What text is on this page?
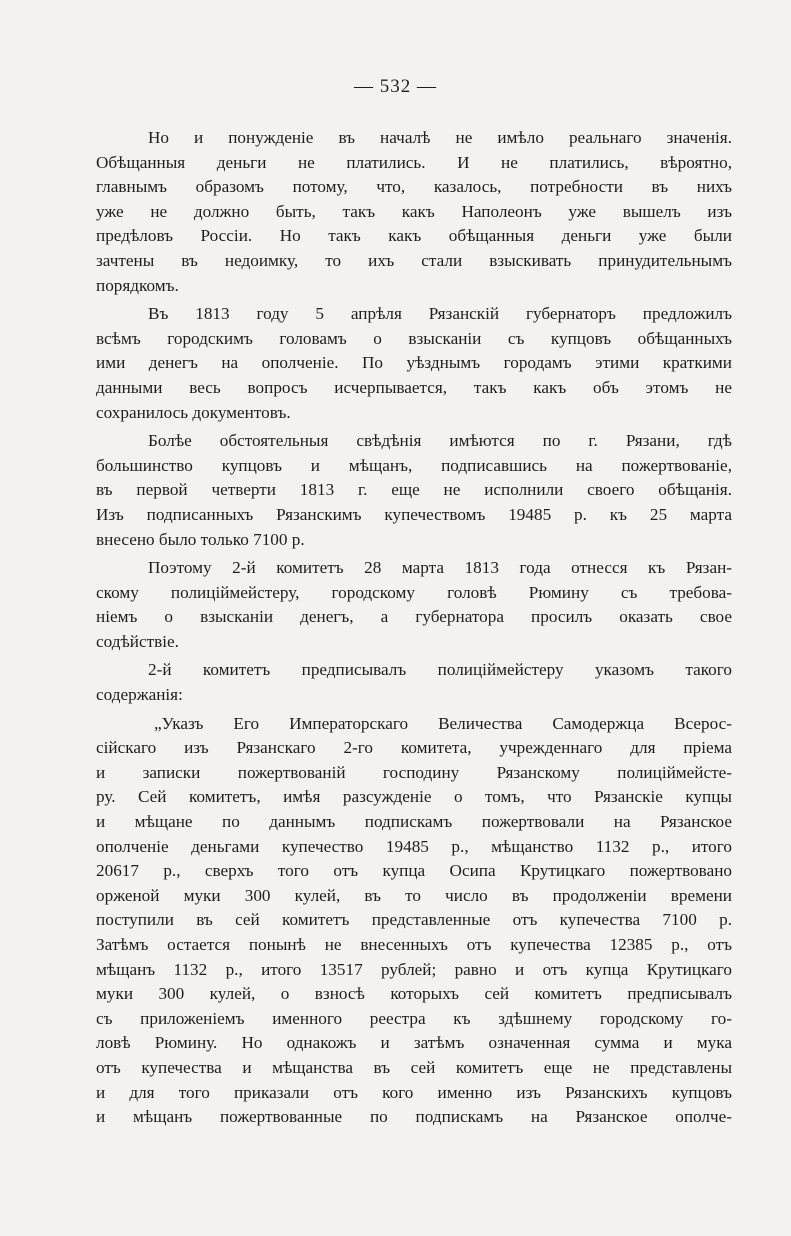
— 532 —
Но и понужденіе въ началѣ не имѣло реальнаго значенія.
Обѣщанныя деньги не платились. И не платились, вѣроятно,
главнымъ образомъ потому, что, казалось, потребности въ нихъ
уже не должно быть, такъ какъ Наполеонъ уже вышелъ изъ
предѣловъ Россіи. Но такъ какъ обѣщанныя деньги уже были
зачтены въ недоимку, то ихъ стали взыскивать принудительнымъ
порядкомъ.
Въ 1813 году 5 апрѣля Рязанскій губернаторъ предложилъ
всѣмъ городскимъ головамъ о взысканіи съ купцовъ обѣщанныхъ
ими денегъ на ополченіе. По уѣзднымъ городамъ этими краткими
данными весь вопросъ исчерпывается, такъ какъ объ этомъ не
сохранилось документовъ.
Болѣе обстоятельныя свѣдѣнія имѣются по г. Рязани, гдѣ
большинство купцовъ и мѣщанъ, подписавшись на пожертвованіе,
въ первой четверти 1813 г. еще не исполнили своего обѣщанія.
Изъ подписанныхъ Рязанскимъ купечествомъ 19485 р. къ 25 марта
внесено было только 7100 р.
Поэтому 2-й комитетъ 28 марта 1813 года отнесся къ Рязан-
скому полиціймейстеру, городскому головѣ Рюмину съ требова-
ніемъ о взысканіи денегъ, а губернатора просилъ оказать свое
содѣйствіе.
2-й комитетъ предписывалъ полиціймейстеру указомъ такого
содержанія:
„Указъ Его Императорскаго Величества Самодержца Всерос-
сійскаго изъ Рязанскаго 2-го комитета, учрежденнаго для пріема
и записки пожертвованій господину Рязанскому полиціймейсте-
ру. Сей комитетъ, имѣя разсужденіе о томъ, что Рязанскіе купцы
и мѣщане по даннымъ подпискамъ пожертвовали на Рязанское
ополченіе деньгами купечество 19485 р., мѣщанство 1132 р., итого
20617 р., сверхъ того отъ купца Осипа Крутицкаго пожертвовано
орженой муки 300 кулей, въ то число въ продолженіи времени
поступили въ сей комитетъ представленные отъ купечества 7100 р.
Затѣмъ остается понынѣ не внесенныхъ отъ купечества 12385 р., отъ
мѣщанъ 1132 р., итого 13517 рублей; равно и отъ купца Крутицкаго
муки 300 кулей, о взносѣ которыхъ сей комитетъ предписывалъ
съ приложеніемъ именного реестра къ здѣшнему городскому го-
ловѣ Рюмину. Но однакожъ и затѣмъ означенная сумма и мука
отъ купечества и мѣщанства въ сей комитетъ еще не представлены
и для того приказали отъ кого именно изъ Рязанскихъ купцовъ
и мѣщанъ пожертвованные по подпискамъ на Рязанское ополче-
